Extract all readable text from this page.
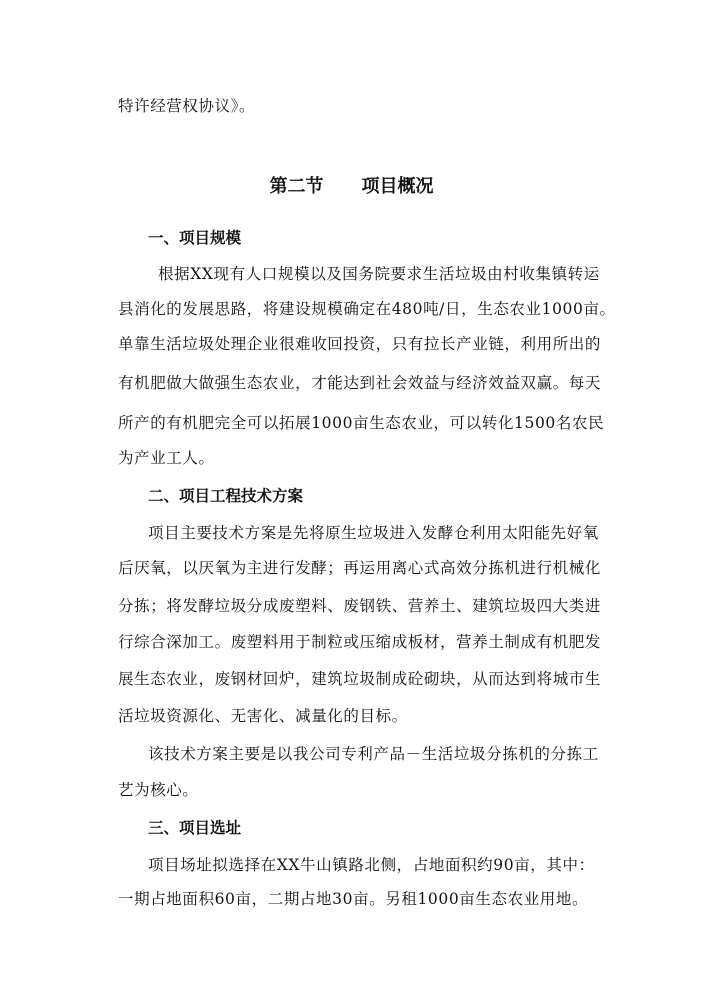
特许经营权协议》。
第二节 项目概况
一、项目规模
根据XX现有人口规模以及国务院要求生活垃圾由村收集镇转运
县消化的发展思路，将建设规模确定在480吨/日，生态农业1000亩。
单靠生活垃圾处理企业很难收回投资，只有拉长产业链，利用所出的
有机肥做大做强生态农业，才能达到社会效益与经济效益双赢。每天
所产的有机肥完全可以拓展1000亩生态农业，可以转化1500名农民
为产业工人。
二、项目工程技术方案
项目主要技术方案是先将原生垃圾进入发酵仓利用太阳能先好氧
后厌氧，以厌氧为主进行发酵；再运用离心式高效分拣机进行机械化
分拣；将发酵垃圾分成废塑料、废钢铁、营养土、建筑垃圾四大类进
行综合深加工。废塑料用于制粒或压缩成板材，营养土制成有机肥发
展生态农业，废钢材回炉，建筑垃圾制成砼砌块，从而达到将城市生
活垃圾资源化、无害化、减量化的目标。
该技术方案主要是以我公司专利产品－生活垃圾分拣机的分拣工
艺为核心。
三、项目选址
项目场址拟选择在XX牛山镇路北侧，占地面积约90亩，其中：
一期占地面积60亩，二期占地30亩。另租1000亩生态农业用地。
